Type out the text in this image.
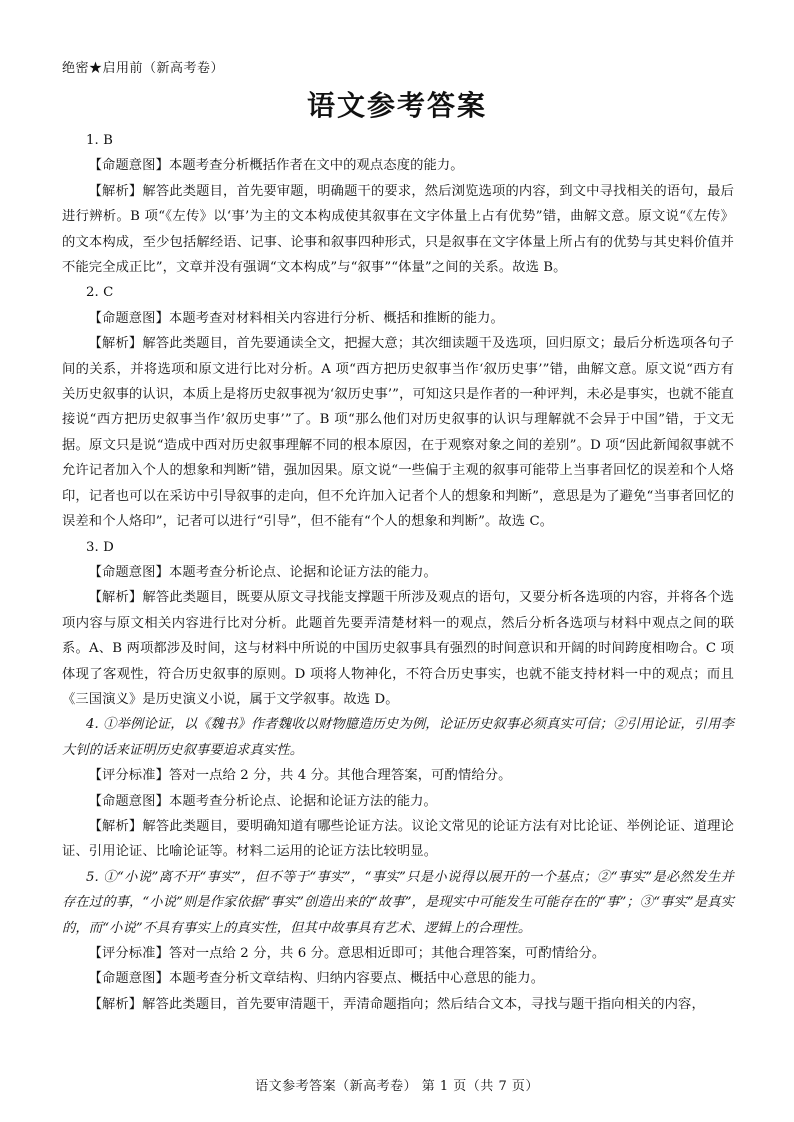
绝密★启用前（新高考卷）
语文参考答案

1. B

【命题意图】本题考查分析概括作者在文中的观点态度的能力。

【解析】解答此类题目，首先要审题，明确题干的要求，然后浏览选项的内容，到文中寻找相关的语句，最后进行辨析。B 项“《左传》以‘事’为主的文本构成使其叙事在文字体量上占有优势”错，曲解文意。原文说“《左传》的文本构成，至少包括解经语、记事、论事和叙事四种形式，只是叙事在文字体量上所占有的优势与其史料价值并不能完全成正比”，文章并没有强调“文本构成”与“叙事”“体量”之间的关系。故选 B。

2. C

【命题意图】本题考查对材料相关内容进行分析、概括和推断的能力。

【解析】解答此类题目，首先要通读全文，把握大意；其次细读题干及选项，回归原文；最后分析选项各句子间的关系，并将选项和原文进行比对分析。A 项“西方把历史叙事当作‘叙历史事’”错，曲解文意。原文说“西方有关历史叙事的认识，本质上是将历史叙事视为‘叙历史事’”，可知这只是作者的一种评判，未必是事实，也就不能直接说“西方把历史叙事当作’叙历史事’”了。B 项“那么他们对历史叙事的认识与理解就不会异于中国”错，于文无据。原文只是说“造成中西对历史叙事理解不同的根本原因，在于观察对象之间的差别”。D 项“因此新闻叙事就不允许记者加入个人的想象和判断”错，强加因果。原文说“一些偏于主观的叙事可能带上当事者回忆的误差和个人烙印，记者也可以在采访中引导叙事的走向，但不允许加入记者个人的想象和判断”，意思是为了避免“当事者回忆的误差和个人烙印”，记者可以进行“引导”，但不能有“个人的想象和判断”。故选 C。

3. D

【命题意图】本题考查分析论点、论据和论证方法的能力。

【解析】解答此类题目，既要从原文寻找能支撑题干所涉及观点的语句，又要分析各选项的内容，并将各个选项内容与原文相关内容进行比对分析。此题首先要弄清楚材料一的观点，然后分析各选项与材料中观点之间的联系。A、B 两项都涉及时间，这与材料中所说的中国历史叙事具有强烈的时间意识和开阔的时间跨度相吻合。C 项体现了客观性，符合历史叙事的原则。D 项将人物神化，不符合历史事实，也就不能支持材料一中的观点；而且《三国演义》是历史演义小说，属于文学叙事。故选 D。

4. ①举例论证，以《魏书》作者魏收以财物臆造历史为例，论证历史叙事必须真实可信；②引用论证，引用李大钊的话来证明历史叙事要追求真实性。

【评分标准】答对一点给 2 分，共 4 分。其他合理答案，可酌情给分。

【命题意图】本题考查分析论点、论据和论证方法的能力。

【解析】解答此类题目，要明确知道有哪些论证方法。议论文常见的论证方法有对比论证、举例论证、道理论证、引用论证、比喻论证等。材料二运用的论证方法比较明显。

5. ①“小说”离不开“事实”，但不等于“事实”，“事实”只是小说得以展开的一个基点；②“事实”是必然发生并存在过的事，“小说”则是作家依据“事实”创造出来的“故事”，是现实中可能发生可能存在的“事”；③“事实”是真实的，而“小说”不具有事实上的真实性，但其中故事具有艺术、逻辑上的合理性。

【评分标准】答对一点给 2 分，共 6 分。意思相近即可；其他合理答案，可酌情给分。

【命题意图】本题考查分析文章结构、归纳内容要点、概括中心意思的能力。

【解析】解答此类题目，首先要审清题干，弄清命题指向；然后结合文本，寻找与题干指向相关的内容，

语文参考答案（新高考卷） 第 1 页（共 7 页）
